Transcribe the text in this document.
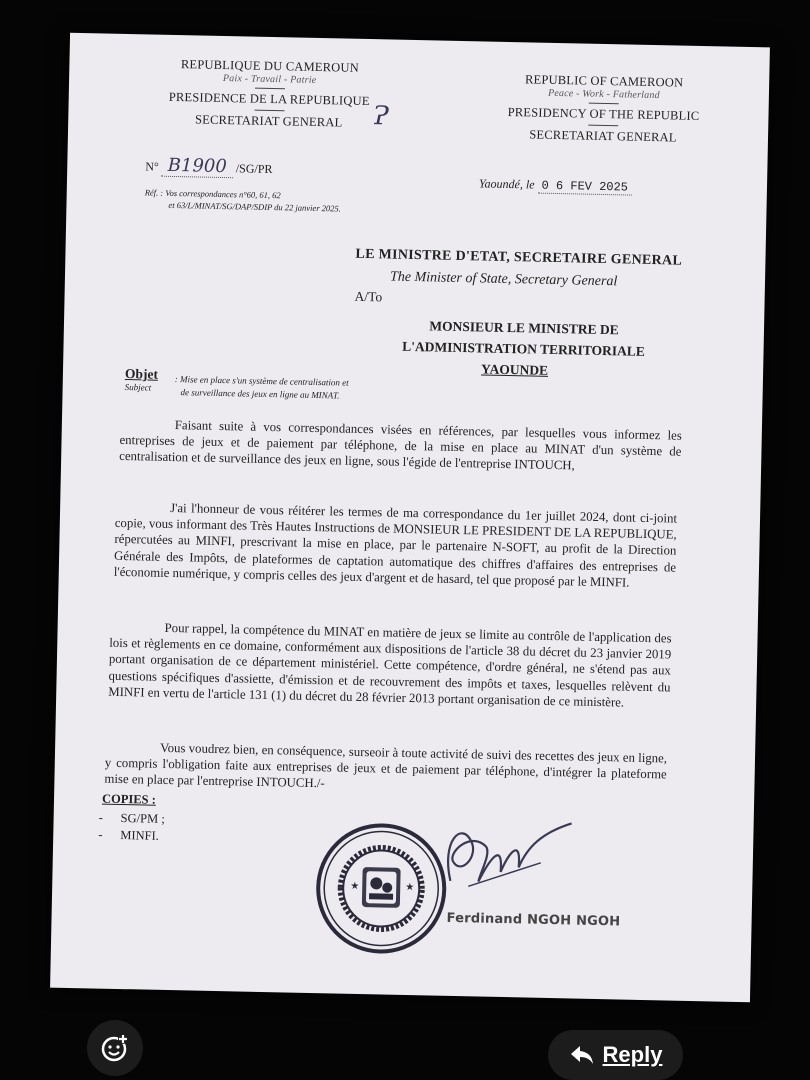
REPUBLIQUE DU CAMEROUN
Paix - Travail - Patrie
PRESIDENCE DE LA REPUBLIQUE
SECRETARIAT GENERAL
REPUBLIC OF CAMEROON
Peace - Work - Fatherland
PRESIDENCY OF THE REPUBLIC
SECRETARIAT GENERAL
Ɂ
N° B1900 /SG/PR
Yaoundé, le 0 6 FEV 2025
Réf. : Vos correspondances n°60, 61, 62
et 63/L/MINAT/SG/DAP/SDIP du 22 janvier 2025.
LE MINISTRE D'ETAT, SECRETAIRE GENERAL
The Minister of State, Secretary General
A/To
MONSIEUR LE MINISTRE DE
L'ADMINISTRATION TERRITORIALE
YAOUNDE
Objet
Subject	: Mise en place s'un système de centralisation et
de surveillance des jeux en ligne au MINAT.
Faisant suite à vos correspondances visées en références, par lesquelles vous informez les entreprises de jeux et de paiement par téléphone, de la mise en place au MINAT d'un système de centralisation et de surveillance des jeux en ligne, sous l'égide de l'entreprise INTOUCH,
J'ai l'honneur de vous réitérer les termes de ma correspondance du 1er juillet 2024, dont ci-joint copie, vous informant des Très Hautes Instructions de MONSIEUR LE PRESIDENT DE LA REPUBLIQUE, répercutées au MINFI, prescrivant la mise en place, par le partenaire N-SOFT, au profit de la Direction Générale des Impôts, de plateformes de captation automatique des chiffres d'affaires des entreprises de l'économie numérique, y compris celles des jeux d'argent et de hasard, tel que proposé par le MINFI.
Pour rappel, la compétence du MINAT en matière de jeux se limite au contrôle de l'application des lois et règlements en ce domaine, conformément aux dispositions de l'article 38 du décret du 23 janvier 2019 portant organisation de ce département ministériel. Cette compétence, d'ordre général, ne s'étend pas aux questions spécifiques d'assiette, d'émission et de recouvrement des impôts et taxes, lesquelles relèvent du MINFI en vertu de l'article 131 (1) du décret du 28 février 2013 portant organisation de ce ministère.
Vous voudrez bien, en conséquence, surseoir à toute activité de suivi des recettes des jeux en ligne, y compris l'obligation faite aux entreprises de jeux et de paiement par téléphone, d'intégrer la plateforme mise en place par l'entreprise INTOUCH./-
COPIES :
- SG/PM ;
- MINFI.
★	★
Ferdinand NGOH NGOH
Reply
